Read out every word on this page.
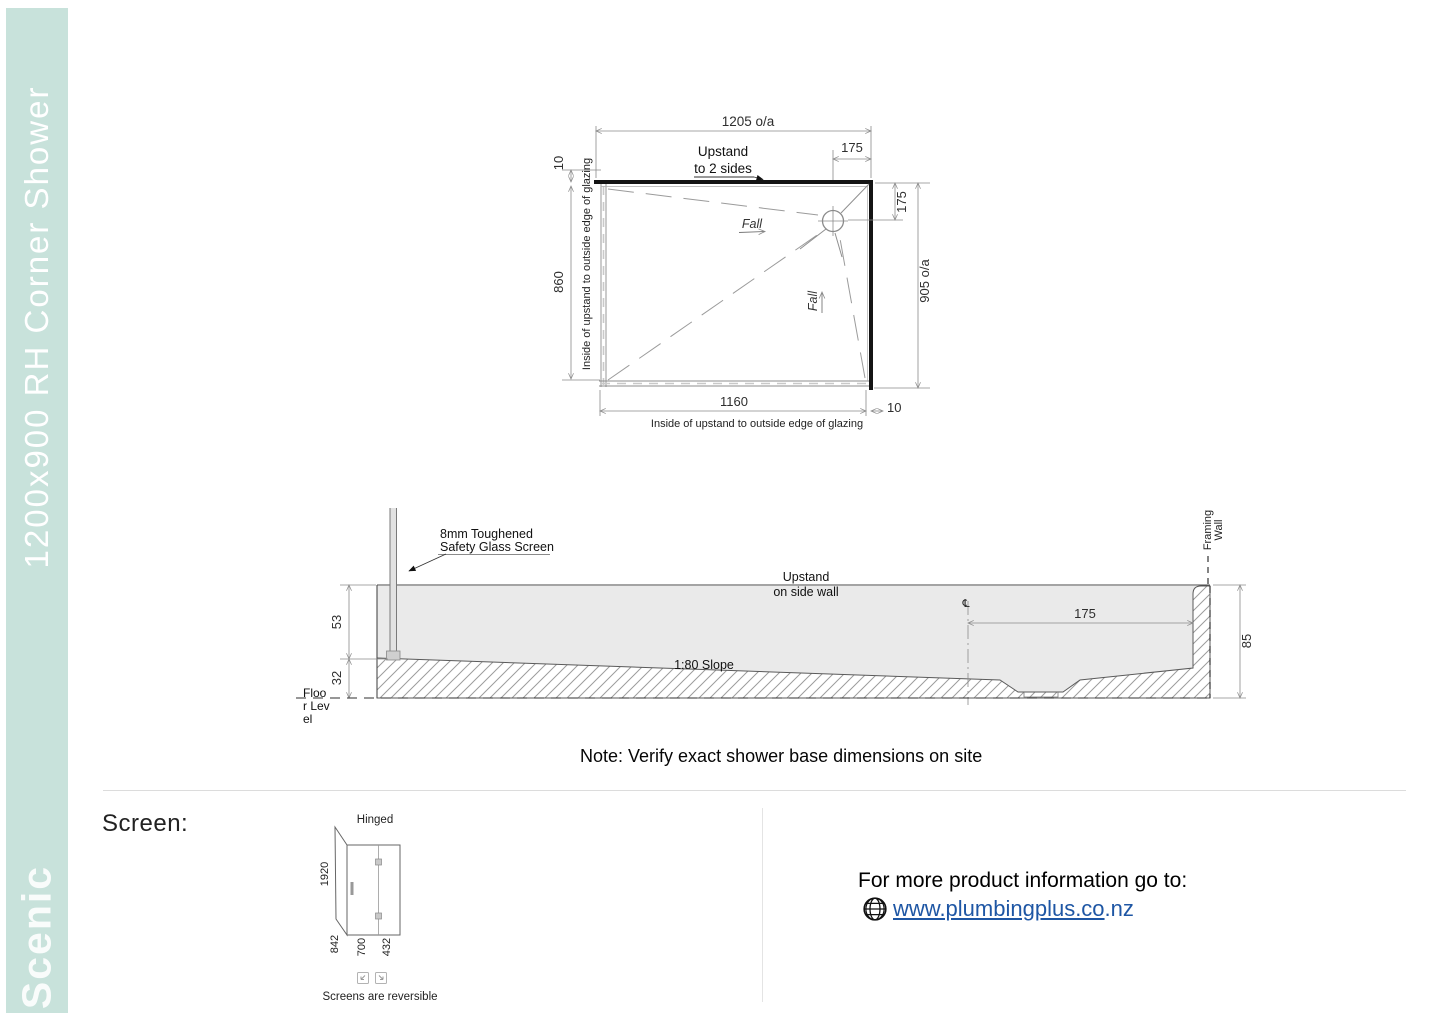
1200x900 RH Corner Shower
Scenic
Fall
Fall
1205 o/a
175
Upstand
to 2 sides
175
905 o/a
10
860 Inside of upstand to outside edge of glazing
1160	10
Inside of upstand to outside edge of glazing
8mm Toughened
Safety Glass Screen
Upstand
on side wall
1:80 Slope
℄
175
85
53
32
Framing Wall
Hinged
1920
842 700 432
Screens are reversible
Floor Level
Note: Verify exact shower base dimensions on site
Screen:
For more product information go to:
www.plumbingplus.co.nz
